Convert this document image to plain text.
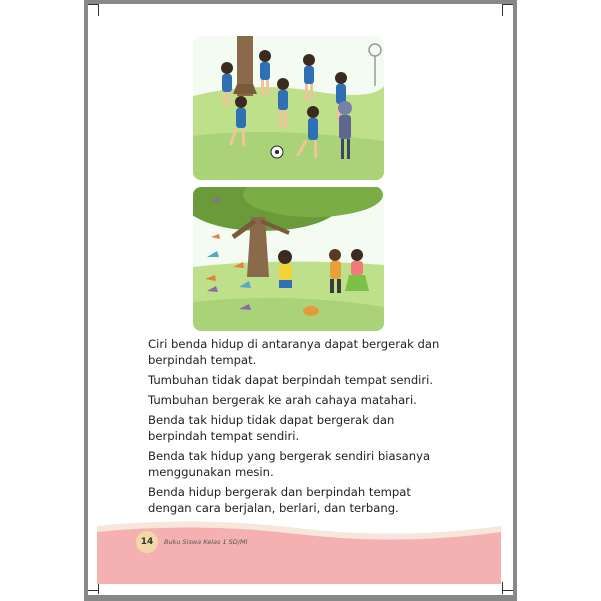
Ciri benda hidup di antaranya dapat bergerak dan berpindah tempat.

Tumbuhan tidak dapat berpindah tempat sendiri.

Tumbuhan bergerak ke arah cahaya matahari.

Benda tak hidup tidak dapat bergerak dan berpindah tempat sendiri.

Benda tak hidup yang bergerak sendiri biasanya menggunakan mesin.

Benda hidup bergerak dan berpindah tempat dengan cara berjalan, berlari, dan terbang.

14	Buku Siswa Kelas 1 SD/MI
